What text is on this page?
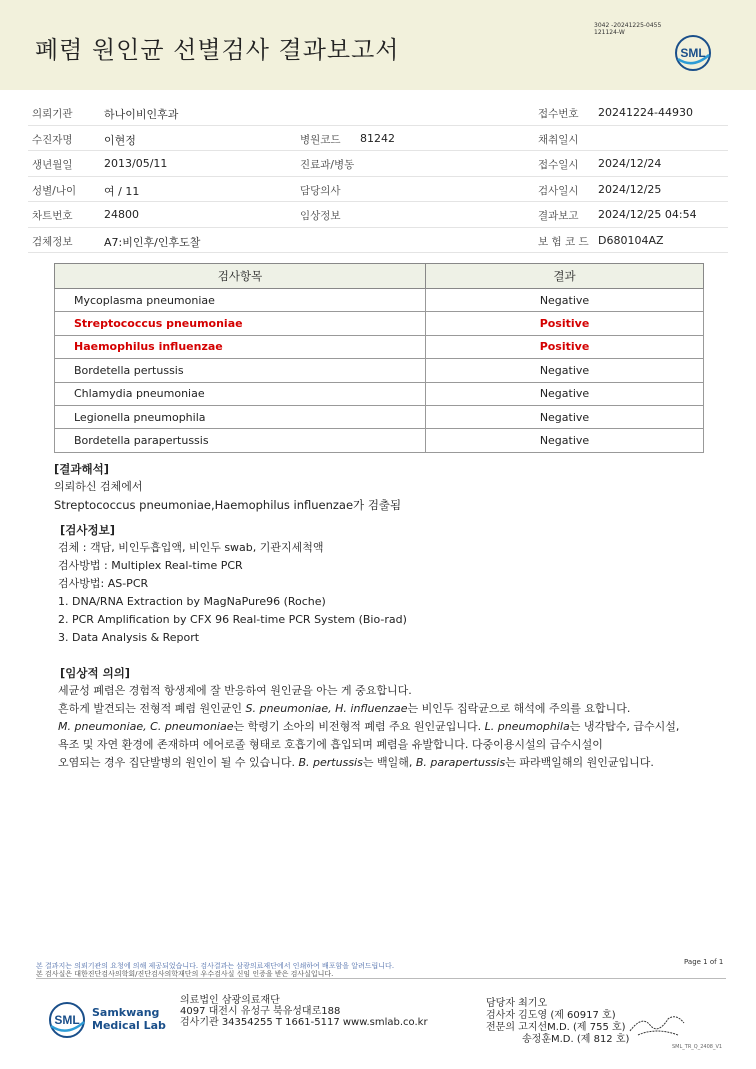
폐렴 원인균 선별검사 결과보고서
3042 -20241225-0455
121124-W
SML
의뢰기관	하나이비인후과	접수번호 20241224-44930
수진자명	이현정	병원코드 81242	채취일시
생년월일	2013/05/11	진료과/병동	접수일시 2024/12/24
성별/나이	여 / 11	담당의사	검사일시 2024/12/25
차트번호	24800	임상정보	결과보고 2024/12/25 04:54
검체정보	A7:비인후/인후도찰	보 험 코 드 D680104AZ
검사항목	결과
Mycoplasma pneumoniae	Negative
Streptococcus pneumoniae	Positive
Haemophilus influenzae	Positive
Bordetella pertussis	Negative
Chlamydia pneumoniae	Negative
Legionella pneumophila	Negative
Bordetella parapertussis	Negative
[결과해석]
의뢰하신 검체에서
Streptococcus pneumoniae,Haemophilus influenzae가 검출됨
[검사정보]
검체 : 객담, 비인두흡입액, 비인두 swab, 기관지세척액
검사방법 : Multiplex Real-time PCR
검사방법: AS-PCR
1. DNA/RNA Extraction by MagNaPure96 (Roche)
2. PCR Amplification by CFX 96 Real-time PCR System (Bio-rad)
3. Data Analysis & Report
[임상적 의의]
세균성 폐렴은 경험적 항생제에 잘 반응하여 원인균을 아는 게 중요합니다.
흔하게 발견되는 전형적 폐렴 원인균인 S. pneumoniae, H. influenzae는 비인두 집락균으로 해석에 주의를 요합니다.
M. pneumoniae, C. pneumoniae는 학령기 소아의 비전형적 폐렴 주요 원인균입니다. L. pneumophila는 냉각탑수, 급수시설,
욕조 및 자연 환경에 존재하며 에어로졸 형태로 호흡기에 흡입되며 폐렴을 유발합니다. 다중이용시설의 급수시설이
오염되는 경우 집단발병의 원인이 될 수 있습니다. B. pertussis는 백일해, B. parapertussis는 파라백일해의 원인균입니다.
본 결과지는 의뢰기관의 요청에 의해 제공되었습니다. 검사결과는 삼광의료재단에서 인쇄하여 배포함을 알려드립니다.
본 검사실은 대한진단검사의학회/진단검사의학재단의 우수검사실 신임 인증을 받은 검사실입니다.
Page 1 of 1
SML
Samkwang
Medical Lab
의료법인 삼광의료재단
4097 대전시 유성구 북유성대로188
검사기관 34354255 T 1661-5117 www.smlab.co.kr
담당자 최기오
검사자 김도영 (제 60917 호)
전문의 고지선M.D. (제 755 호)
송정훈M.D. (제 812 호)
SML_TR_Q_2408_V1
